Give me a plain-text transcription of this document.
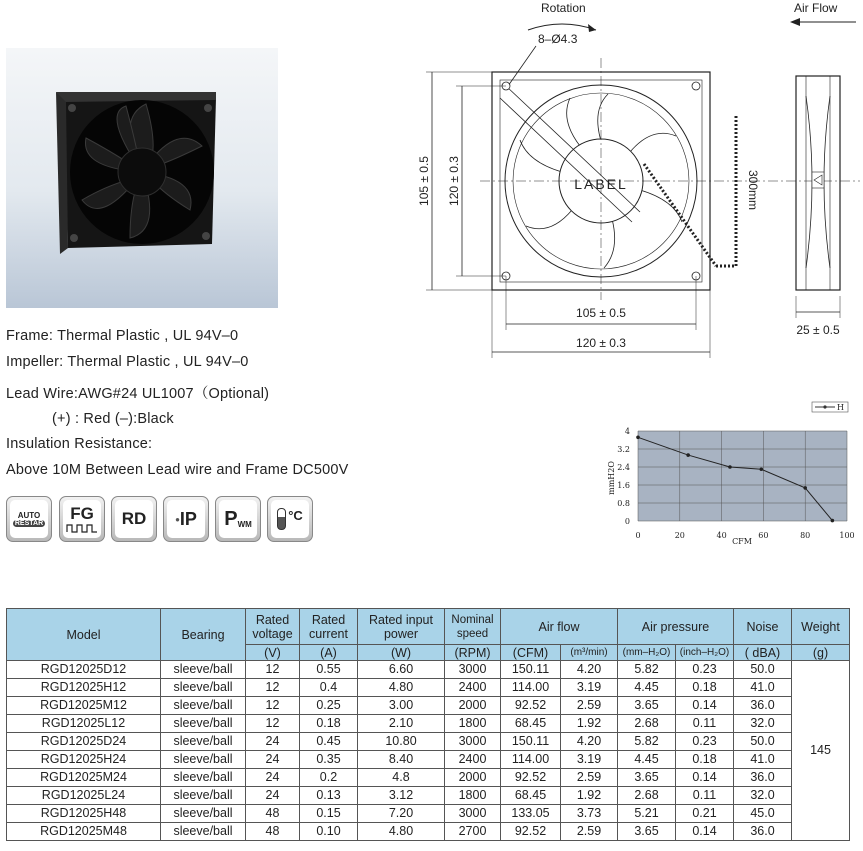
Rotation
8–Ø4.3
Air Flow
LABEL
105 ± 0.5 120 ± 0.3
105 ± 0.5
120 ± 0.3
300mm
25 ± 0.5
Frame: Thermal Plastic , UL 94V–0
Impeller: Thermal Plastic , UL 94V–0
Lead Wire:AWG#24 UL1007（Optional)
(+) : Red (–):Black
Insulation Resistance:
Above 10M Between Lead wire and Frame DC500V
AUTO
RESTAR
FG RD	● IP P WM
°C
0	20	40	60	80	100
0
0.8
1.6
2.4
3.2
4
H
CFM
mmH2O
Model	Bearing	Rated voltage	Rated current	Rated input power	Nominal speed	Air flow		Air pressure		Noise	Weight
		(V)	(A)	(W)	(RPM)	(CFM)	(m³/min)	(mm–H₂O)	(inch–H₂O)	( dBA)	(g)
RGD12025D12	sleeve/ball	12	0.55	6.60	3000	150.11	4.20	5.82	0.23	50.0	145
RGD12025H12	sleeve/ball	12	0.4	4.80	2400	114.00	3.19	4.45	0.18	41.0	
RGD12025M12	sleeve/ball	12	0.25	3.00	2000	92.52	2.59	3.65	0.14	36.0	
RGD12025L12	sleeve/ball	12	0.18	2.10	1800	68.45	1.92	2.68	0.11	32.0	
RGD12025D24	sleeve/ball	24	0.45	10.80	3000	150.11	4.20	5.82	0.23	50.0	
RGD12025H24	sleeve/ball	24	0.35	8.40	2400	114.00	3.19	4.45	0.18	41.0	
RGD12025M24	sleeve/ball	24	0.2	4.8	2000	92.52	2.59	3.65	0.14	36.0	
RGD12025L24	sleeve/ball	24	0.13	3.12	1800	68.45	1.92	2.68	0.11	32.0	
RGD12025H48	sleeve/ball	48	0.15	7.20	3000	133.05	3.73	5.21	0.21	45.0	
RGD12025M48	sleeve/ball	48	0.10	4.80	2700	92.52	2.59	3.65	0.14	36.0	
